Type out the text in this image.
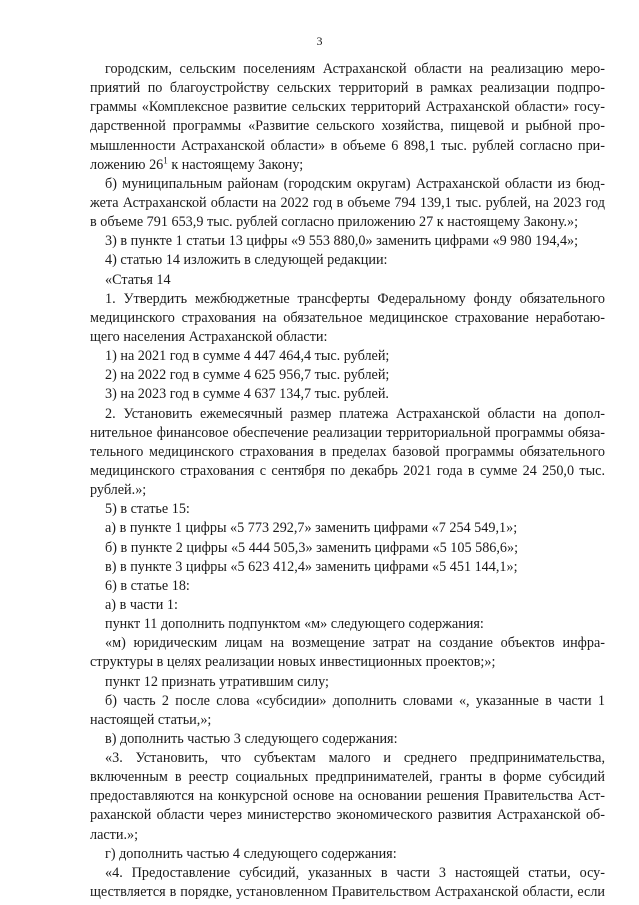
3
городским, сельским поселениям Астраханской области на реализацию меро-
приятий по благоустройству сельских территорий в рамках реализации подпро-
граммы «Комплексное развитие сельских территорий Астраханской области» госу-
дарственной программы «Развитие сельского хозяйства, пищевой и рыбной про-
мышленности Астраханской области» в объеме 6 898,1 тыс. рублей согласно при-
ложению $26^1$ к настоящему Закону;
б) муниципальным районам (городским округам) Астраханской области из бюд-
жета Астраханской области на 2022 год в объеме 794 139,1 тыс. рублей, на 2023 год
в объеме 791 653,9 тыс. рублей согласно приложению 27 к настоящему Закону.»;
3) в пункте 1 статьи 13 цифры «9 553 880,0» заменить цифрами «9 980 194,4»;
4) статью 14 изложить в следующей редакции:
«Статья 14
1. Утвердить межбюджетные трансферты Федеральному фонду обязательного
медицинского страхования на обязательное медицинское страхование неработаю-
щего населения Астраханской области:
1) на 2021 год в сумме 4 447 464,4 тыс. рублей;
2) на 2022 год в сумме 4 625 956,7 тыс. рублей;
3) на 2023 год в сумме 4 637 134,7 тыс. рублей.
2. Установить ежемесячный размер платежа Астраханской области на допол-
нительное финансовое обеспечение реализации территориальной программы обяза-
тельного медицинского страхования в пределах базовой программы обязательного
медицинского страхования с сентября по декабрь 2021 года в сумме 24 250,0 тыс.
рублей.»;
5) в статье 15:
а) в пункте 1 цифры «5 773 292,7» заменить цифрами «7 254 549,1»;
б) в пункте 2 цифры «5 444 505,3» заменить цифрами «5 105 586,6»;
в) в пункте 3 цифры «5 623 412,4» заменить цифрами «5 451 144,1»;
6) в статье 18:
а) в части 1:
пункт 11 дополнить подпунктом «м» следующего содержания:
«м) юридическим лицам на возмещение затрат на создание объектов инфра-
структуры в целях реализации новых инвестиционных проектов;»;
пункт 12 признать утратившим силу;
б) часть 2 после слова «субсидии» дополнить словами «, указанные в части 1
настоящей статьи,»;
в) дополнить частью 3 следующего содержания:
«3. Установить, что субъектам малого и среднего предпринимательства,
включенным в реестр социальных предпринимателей, гранты в форме субсидий
предоставляются на конкурсной основе на основании решения Правительства Аст-
раханской области через министерство экономического развития Астраханской об-
ласти.»;
г) дополнить частью 4 следующего содержания:
«4. Предоставление субсидий, указанных в части 3 настоящей статьи, осу-
ществляется в порядке, установленном Правительством Астраханской области, если
